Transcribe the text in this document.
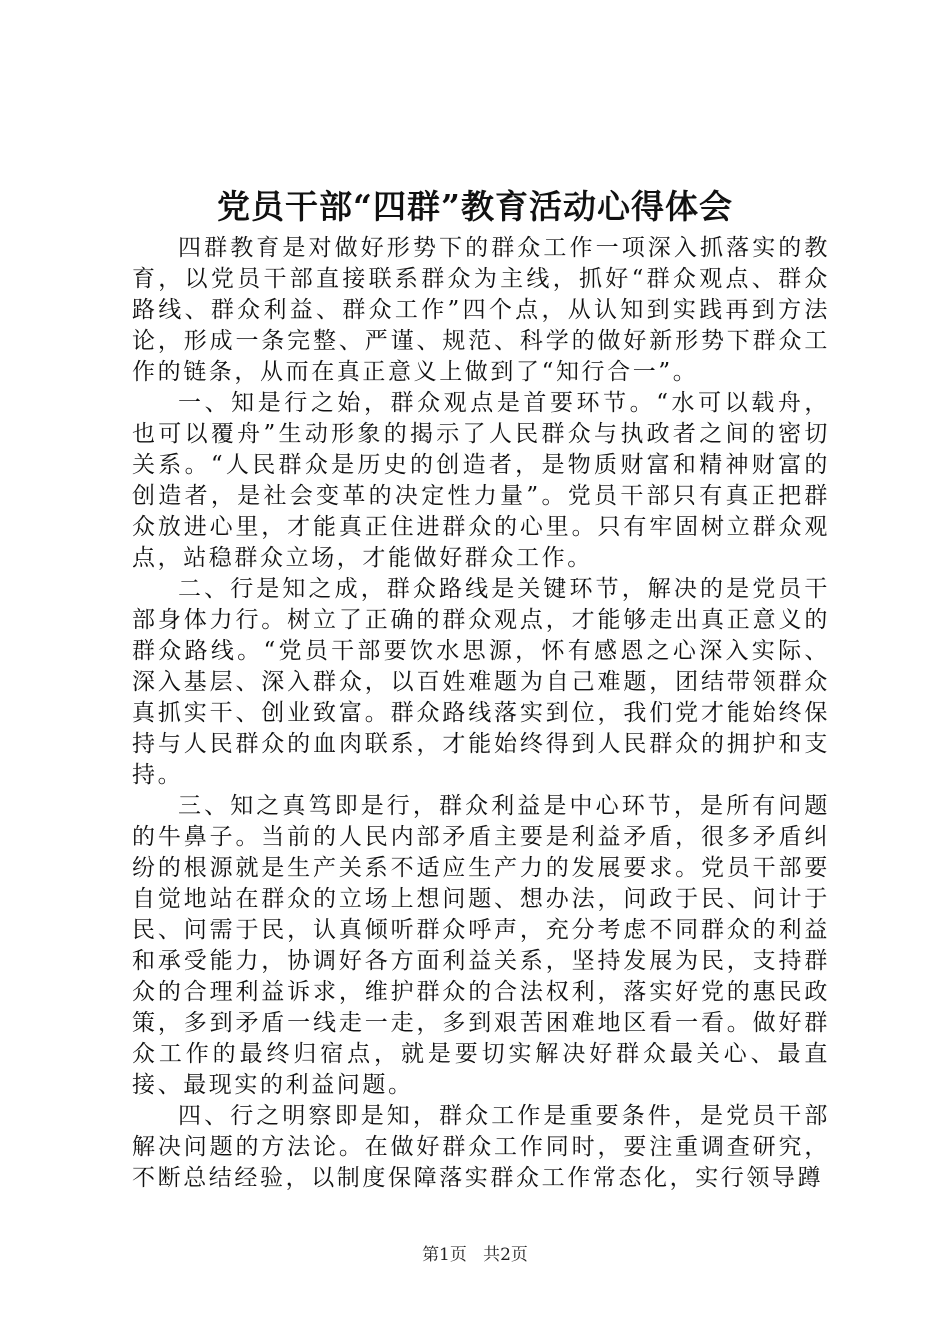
党员干部“四群”教育活动心得体会

四群教育是对做好形势下的群众工作一项深入抓落实的教育，以党员干部直接联系群众为主线，抓好“群众观点、群众路线、群众利益、群众工作”四个点，从认知到实践再到方法论，形成一条完整、严谨、规范、科学的做好新形势下群众工作的链条，从而在真正意义上做到了“知行合一”。

一、知是行之始，群众观点是首要环节。“水可以载舟，也可以覆舟”生动形象的揭示了人民群众与执政者之间的密切关系。“人民群众是历史的创造者，是物质财富和精神财富的创造者，是社会变革的决定性力量”。党员干部只有真正把群众放进心里，才能真正住进群众的心里。只有牢固树立群众观点，站稳群众立场，才能做好群众工作。

二、行是知之成，群众路线是关键环节，解决的是党员干部身体力行。树立了正确的群众观点，才能够走出真正意义的群众路线。“党员干部要饮水思源，怀有感恩之心深入实际、深入基层、深入群众，以百姓难题为自己难题，团结带领群众真抓实干、创业致富。群众路线落实到位，我们党才能始终保持与人民群众的血肉联系，才能始终得到人民群众的拥护和支持。

三、知之真笃即是行，群众利益是中心环节，是所有问题的牛鼻子。当前的人民内部矛盾主要是利益矛盾，很多矛盾纠纷的根源就是生产关系不适应生产力的发展要求。党员干部要自觉地站在群众的立场上想问题、想办法，问政于民、问计于民、问需于民，认真倾听群众呼声，充分考虑不同群众的利益和承受能力，协调好各方面利益关系，坚持发展为民，支持群众的合理利益诉求，维护群众的合法权利，落实好党的惠民政策，多到矛盾一线走一走，多到艰苦困难地区看一看。做好群众工作的最终归宿点，就是要切实解决好群众最关心、最直接、最现实的利益问题。

四、行之明察即是知，群众工作是重要条件，是党员干部解决问题的方法论。在做好群众工作同时，要注重调查研究，不断总结经验，以制度保障落实群众工作常态化，实行领导蹲

第1页 共2页
